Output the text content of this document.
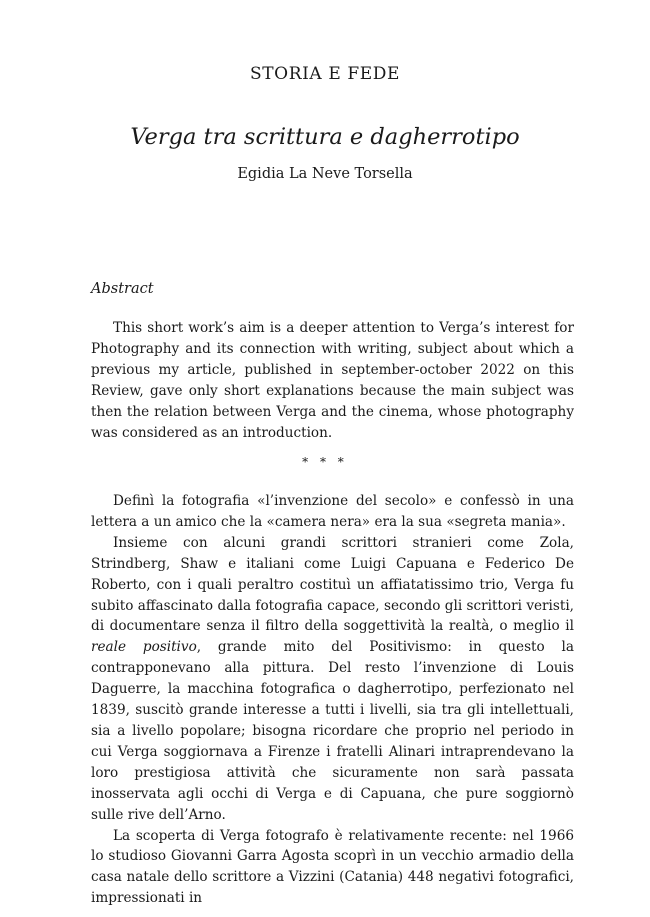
STORIA E FEDE
Verga tra scrittura e dagherrotipo
Egidia La Neve Torsella
Abstract

This short work’s aim is a deeper attention to Verga’s interest for Photography and its connection with writing, subject about which a previous my article, published in september-october 2022 on this Review, gave only short explanations because the main subject was then the relation between Verga and the cinema, whose photography was considered as an introduction.

* * *

Definì la fotografia «l’invenzione del secolo» e confessò in una lettera a un amico che la «camera nera» era la sua «segreta mania».

Insieme con alcuni grandi scrittori stranieri come Zola, Strindberg, Shaw e italiani come Luigi Capuana e Federico De Roberto, con i quali peraltro costituì un affiatatissimo trio, Verga fu subito affascinato dalla fotografia capace, secondo gli scrittori veristi, di documentare senza il filtro della soggettività la realtà, o meglio il reale positivo, grande mito del Positivismo: in questo la contrapponevano alla pittura. Del resto l’invenzione di Louis Daguerre, la macchina fotografica o dagherrotipo, perfezionato nel 1839, suscitò grande interesse a tutti i livelli, sia tra gli intellettuali, sia a livello popolare; bisogna ricordare che proprio nel periodo in cui Verga soggiornava a Firenze i fratelli Alinari intraprendevano la loro prestigiosa attività che sicuramente non sarà passata inosservata agli occhi di Verga e di Capuana, che pure soggiornò sulle rive dell’Arno.

La scoperta di Verga fotografo è relativamente recente: nel 1966 lo studioso Giovanni Garra Agosta scoprì in un vecchio armadio della casa natale dello scrittore a Vizzini (Catania) 448 negativi fotografici, impressionati in
